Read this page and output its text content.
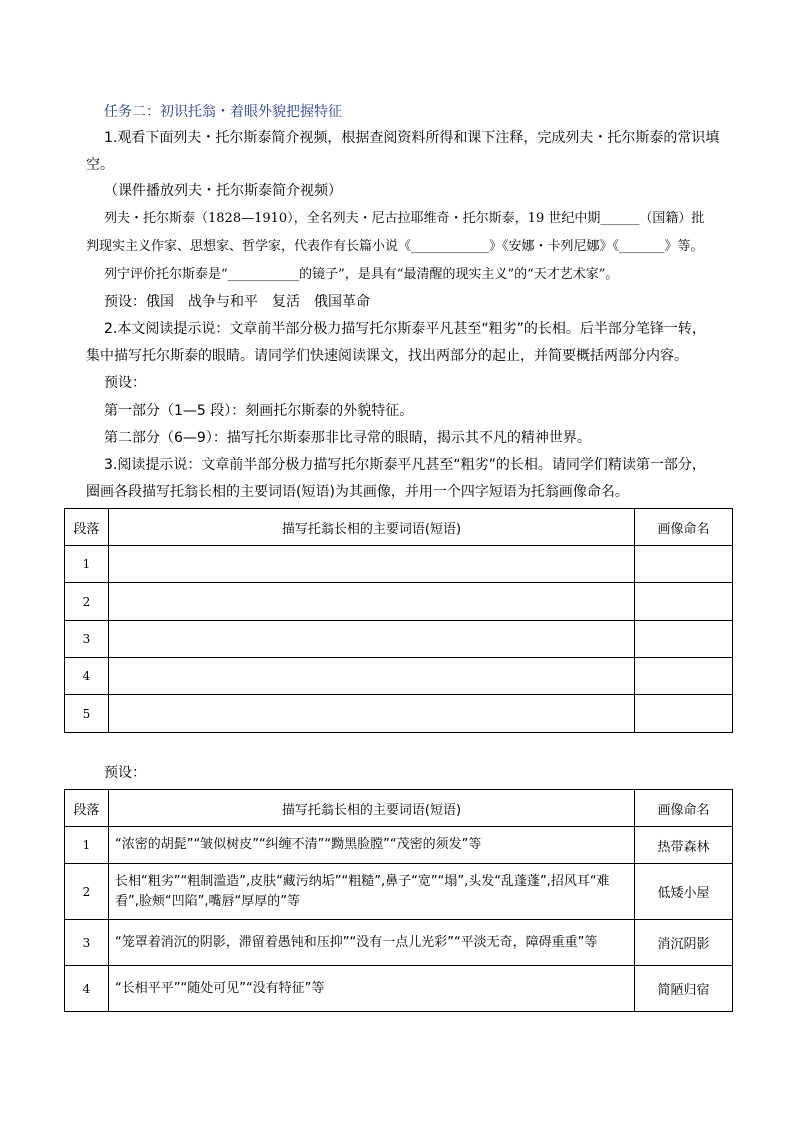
任务二：初识托翁・着眼外貌把握特征
1.观看下面列夫・托尔斯泰简介视频，根据查阅资料所得和课下注释，完成列夫・托尔斯泰的常识填
空。
（课件播放列夫・托尔斯泰简介视频）
列夫・托尔斯泰（1828—1910），全名列夫・尼古拉耶维奇・托尔斯泰，19 世纪中期______（国籍）批
判现实主义作家、思想家、哲学家，代表作有长篇小说《____________》《安娜・卡列尼娜》《_______》等。
列宁评价托尔斯泰是“___________的镜子”，是具有“最清醒的现实主义”的“天才艺术家”。
预设：俄国　战争与和平　复活　俄国革命
2.本文阅读提示说：文章前半部分极力描写托尔斯泰平凡甚至“粗劣”的长相。后半部分笔锋一转，
集中描写托尔斯泰的眼睛。请同学们快速阅读课文，找出两部分的起止，并简要概括两部分内容。
预设：
第一部分（1—5 段）：刻画托尔斯泰的外貌特征。
第二部分（6—9）：描写托尔斯泰那非比寻常的眼睛，揭示其不凡的精神世界。
3.阅读提示说：文章前半部分极力描写托尔斯泰平凡甚至“粗劣”的长相。请同学们精读第一部分，
圈画各段描写托翁长相的主要词语(短语)为其画像，并用一个四字短语为托翁画像命名。
段落	描写托翁长相的主要词语(短语)	画像命名
1		
2		
3		
4		
5		
预设：
段落	描写托翁长相的主要词语(短语)	画像命名
1	“浓密的胡髭”“皱似树皮”“纠缠不清”“黝黑脸膛”“茂密的须发”等	热带森林
2	长相“粗劣”“粗制滥造”,皮肤“藏污纳垢”“粗糙”,鼻子“宽”“塌”,头发“乱蓬蓬”,招风耳“难看”,脸颊“凹陷”,嘴唇“厚厚的”等	低矮小屋
3	“笼罩着消沉的阴影，滞留着愚钝和压抑”“没有一点儿光彩”“平淡无奇，障碍重重”等	消沉阴影
4	“长相平平”“随处可见”“没有特征”等	简陋归宿
